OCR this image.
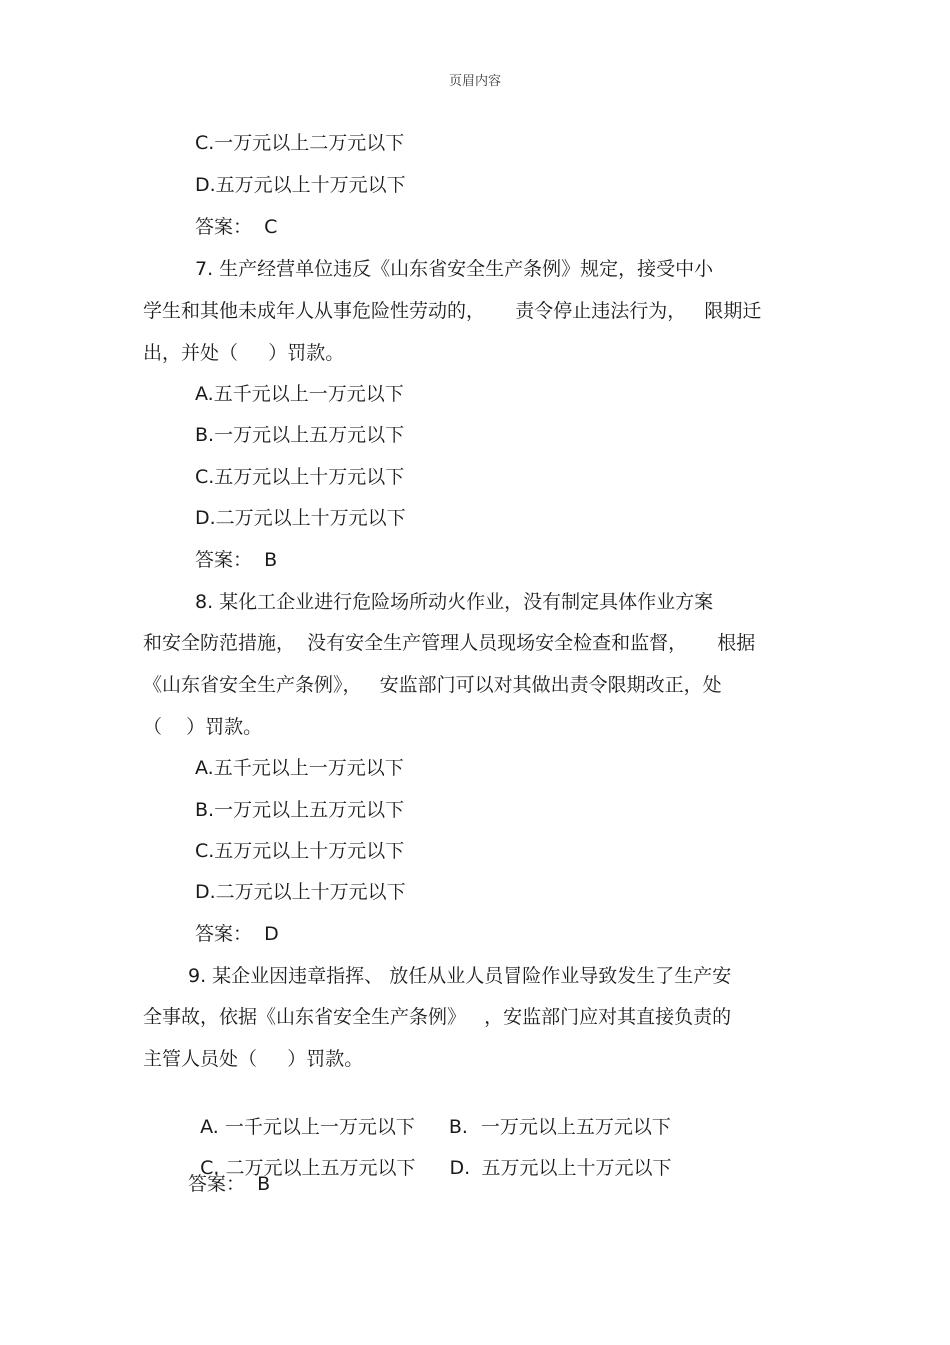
页眉内容
C.一万元以上二万元以下
D.五万元以上十万元以下
答案：  C
7. 生产经营单位违反《山东省安全生产条例》规定，接受中小
学生和其他未成年人从事危险性劳动的，     责令停止违法行为，   限期迁
出，并处（     ）罚款。
A.五千元以上一万元以下
B.一万元以上五万元以下
C.五万元以上十万元以下
D.二万元以上十万元以下
答案：  B
8. 某化工企业进行危险场所动火作业，没有制定具体作业方案
和安全防范措施，  没有安全生产管理人员现场安全检查和监督，     根据
《山东省安全生产条例》，   安监部门可以对其做出责令限期改正，处
（    ）罚款。
A.五千元以上一万元以下
B.一万元以上五万元以下
C.五万元以上十万元以下
D.二万元以上十万元以下
答案：  D
9. 某企业因违章指挥、 放任从业人员冒险作业导致发生了生产安
全事故，依据《山东省安全生产条例》   ，安监部门应对其直接负责的
主管人员处（     ）罚款。

A. 一千元以上一万元以下 B. 一万元以上五万元以下

C. 二万元以上五万元以下 D. 五万元以上十万元以下

答案：  B
